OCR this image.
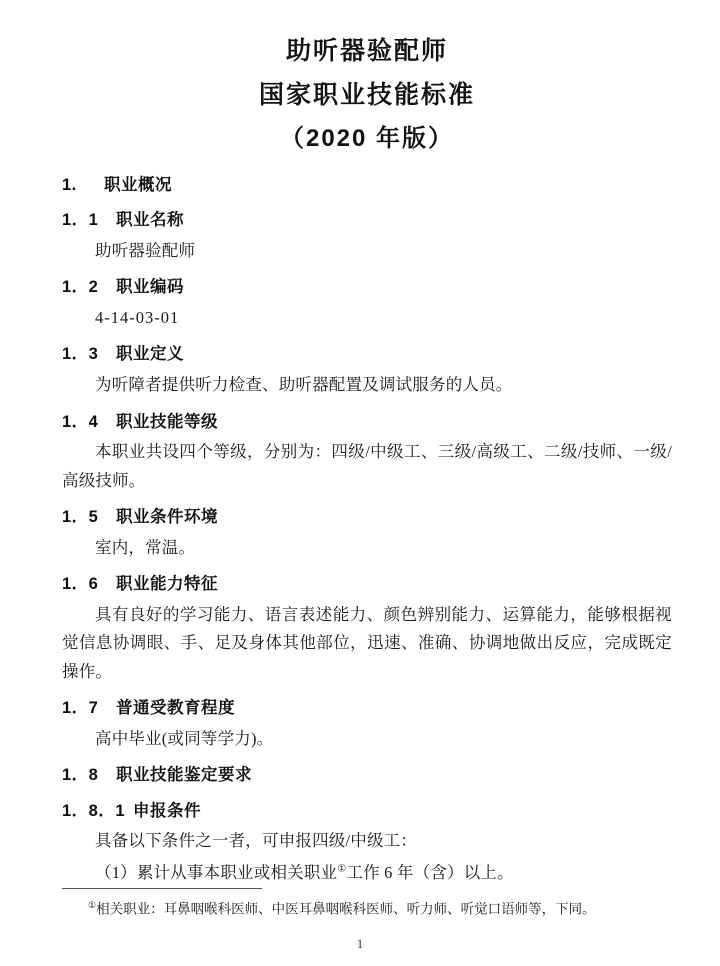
助听器验配师
国家职业技能标准
（2020 年版）
1. 职业概况
1．1 职业名称
助听器验配师
1．2 职业编码
4-14-03-01
1．3 职业定义
为听障者提供听力检查、助听器配置及调试服务的人员。
1．4 职业技能等级
本职业共设四个等级，分别为：四级/中级工、三级/高级工、二级/技师、一级/高级技师。
1．5 职业条件环境
室内，常温。
1．6 职业能力特征
具有良好的学习能力、语言表述能力、颜色辨别能力、运算能力，能够根据视觉信息协调眼、手、足及身体其他部位，迅速、准确、协调地做出反应，完成既定操作。
1．7 普通受教育程度
高中毕业(或同等学力)。
1．8 职业技能鉴定要求
1．8．1 申报条件
具备以下条件之一者，可申报四级/中级工：
（1）累计从事本职业或相关职业①工作 6 年（含）以上。
①相关职业：耳鼻咽喉科医师、中医耳鼻咽喉科医师、听力师、听觉口语师等，下同。
1
